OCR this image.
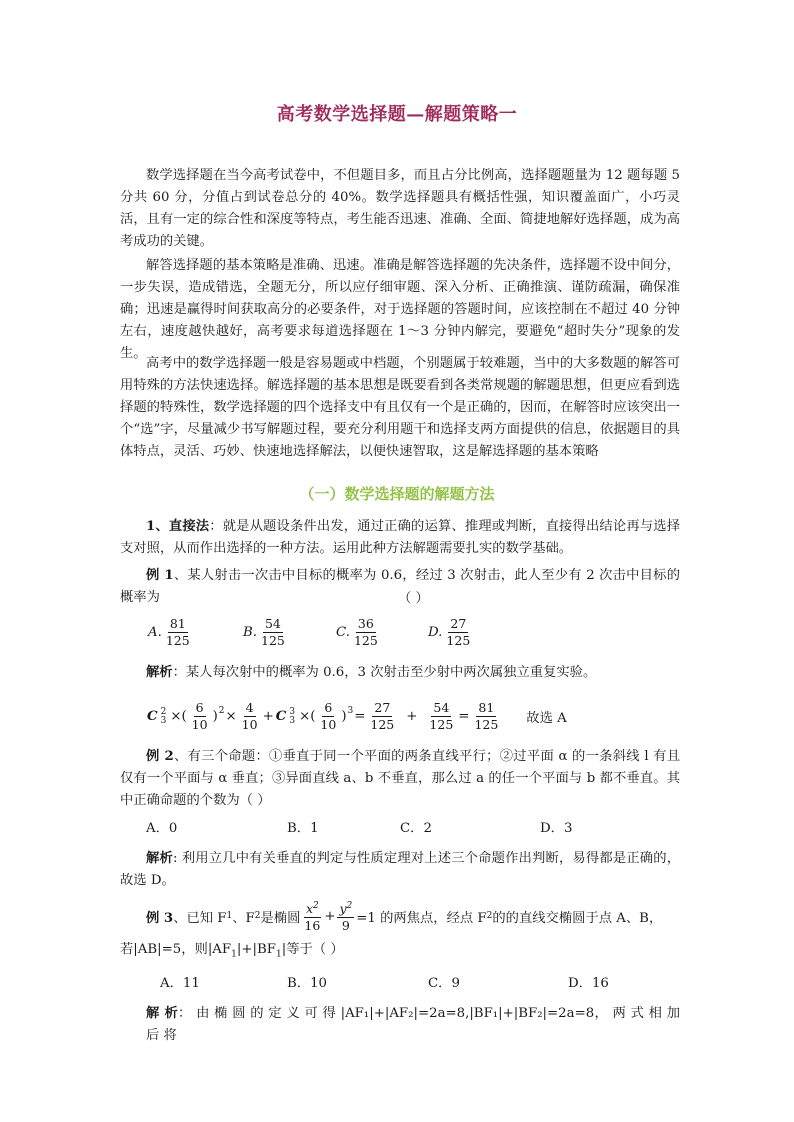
高考数学选择题—解题策略一

数学选择题在当今高考试卷中，不但题目多，而且占分比例高，选择题题量为 12 题每题 5 分共 60 分，分值占到试卷总分的 40%。数学选择题具有概括性强，知识覆盖面广，小巧灵活，且有一定的综合性和深度等特点，考生能否迅速、准确、全面、简捷地解好选择题，成为高考成功的关键。

解答选择题的基本策略是准确、迅速。准确是解答选择题的先决条件，选择题不设中间分，一步失误，造成错选，全题无分，所以应仔细审题、深入分析、正确推演、谨防疏漏，确保准确；迅速是赢得时间获取高分的必要条件，对于选择题的答题时间，应该控制在不超过 40 分钟左右，速度越快越好，高考要求每道选择题在 1～3 分钟内解完，要避免“超时失分”现象的发生。

高考中的数学选择题一般是容易题或中档题，个别题属于较难题，当中的大多数题的解答可用特殊的方法快速选择。解选择题的基本思想是既要看到各类常规题的解题思想，但更应看到选择题的特殊性，数学选择题的四个选择支中有且仅有一个是正确的，因而，在解答时应该突出一个“选”字，尽量减少书写解题过程，要充分利用题干和选择支两方面提供的信息，依据题目的具体特点，灵活、巧妙、快速地选择解法，以便快速智取，这是解选择题的基本策略

（一）数学选择题的解题方法

1、直接法：就是从题设条件出发，通过正确的运算、推理或判断，直接得出结论再与选择支对照，从而作出选择的一种方法。运用此种方法解题需要扎实的数学基础。

例 1、某人射击一次击中目标的概率为 0.6，经过 3 次射击，此人至少有 2 次击中目标的概率为	（ ）
A. $\frac{81}{125}$	B. $\frac{54}{125}$	C. $\frac{36}{125}$	D. $\frac{27}{125}$

解析：某人每次射中的概率为 0.6，3 次射击至少射中两次属独立重复实验。

C 2
3 ×( $\frac{6}{10} )^2 \times \frac{4}{10} + C$ 3
3 ×( $\frac{6}{10} )^3 = \frac{27}{125} + \frac{54}{125} = \frac{81}{125}$ 故选 A

例 2、有三个命题：①垂直于同一个平面的两条直线平行；②过平面 α 的一条斜线 l 有且仅有一个平面与 α 垂直；③异面直线 a、b 不垂直，那么过 a 的任一个平面与 b 都不垂直。其中正确命题的个数为（ ）

A．0	B．1	C．2	D．3

解析: 利用立几中有关垂直的判定与性质定理对上述三个命题作出判断，易得都是正确的，故选 D。

例 3 、已知 F 1 、F 2 是椭圆 $\frac{x^2}{16} + \frac{y^2}{9} =1$ 的两焦点，经点 F 2 的的直线交椭圆于点 A、B，
若|AB|=5，则$|AF_1|+|BF_1|$等于（ ）
A．11	B．10	C．9	D．16

解 析： 由 椭 圆 的 定 义 可 得 |AF₁|+|AF₂|=2a=8,|BF₁|+|BF₂|=2a=8， 两 式 相 加 后 将
